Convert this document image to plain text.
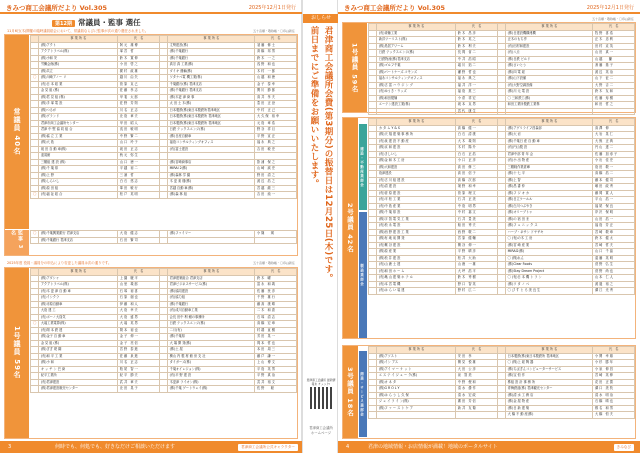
きみつ商工会議所だより Vol.305	2025年12月1日発行
第12期 常議員・監事 選任
11月6日(木)開催の臨時議員総会において、常議員ならびに監事が次の通り選任されました。	五十音順・敬称略・〇印は新任
常議員 40名
監事 3名
	事 業 所 名	氏　名		事 業 所 名	氏　名
	(株)アクト	阿 元　雄 博		丈勢建設(株)	須 藤　修 士
	アクアトラベル(株)	塚 宮　哲		(株)千葉銀行	髙 橋　邦 男
	(株)小和 安	鈴 木　寛 伸		(株)千葉銀行	鈴 木　一 之
	労働会館(株)	小 田　啓 之		真宗 真 工業(株)	浅 野　和 也
	(株)共立	梶 村　政 雄		ダイキ 運輸(株)	木 村　一 郎
〇	(株)川崎アノー リ	越 川　由 矢		ワタナベ電 機工業(株)	山 越　和 徳
	(有)日 本 総 業	菅 原　克 己		千葉銀行(株) 君津支店	金 子　泰 幸
	金 見 組 (株)	佐 藤　孝 志		(株)千葉銀行 君津支店	関 川　節 郎
	(株)君 見 組 (株)	甲 斐　太 郎		(株)木更 津 商 事	高 井　孝 夫
	(株)手 塚 電 設	佐 野　芳 則		太 田 土 木(株)	豊 田　正 登
	(株)つるが	川 名　正 志		日本製鉄(株)東日本製鉄所君津地区	中 村　正 己
	(株)グランド	北 島　章 夫		日本製鉄(株)東日本製鉄所 君津地区	大 久 保　裕 幸
	君津市商工会議所センター	甲 田　昭 人		日本製鉄(株)東日本製鉄所 君津地区	元 島　章 浩
	君津 中 堅 協 同 組 合	浅 田　敏 明		日鉄 テックスエンジ(株)	野 谷　祥 旦
	(株)協 立 工 業	中 野　賢 二		(株)日産自動車	平 野　宣 正
	(株)大 島	山 口　玲 子		福島コンサルティングオフィス	福 永　典 之
	坂 田 自 動 車(株)	坂 田　正 志		(有)富士建設	吉 田　敏 史
	迎賓館	秋 元　弥 生			
	三鶴組 建 設 (株)	山 口　徳 一		(株)宮崎商事店	影 浦　保 之
	(株)千 葉 県	平 越　裕 二		MIRAI 2(株)	山 崎　誠 史
	(株)上 野	三 浦　哲		(株)森林 学 園	野 田　清 之
	(株)しらいし	白 石　悠 志		木 更 楽 楼(株)	渡 辺　浩 之
	(株)原 田 組	峯 田　敏 行		宮越 自動 車(株)	宮 越　龍 三
〇	(有)福 祉 総 合	松 戸　英 明		(株)森 林 組	吉 田　純 一
〇	(株)千葉興業銀行 君津支店	大 島　健 志		(株)ファイリー	小 篠　　瑛
	(株)千葉銀行 君津支店	石 田　賢 司			
2025年度 役員・議員分の申込により変更した議員は次の通りです。	五十音順・敬称略・〇印は新任
1号議員 59名
	事 業 所 名	氏　名		事 業 所 名	氏　名
	(株)アダシャ	上 園　駿 平		君津建築組合 君津支店	鈴 木　曜
	アクアトラベル(株)	山 里　義 郎		君津ビジネスサービス(株)	富 永　和 義
	(有)木 更 津 自 動 車	石 塚　裕 喜		(株)協同建設	佐 藤　民 彦
	(有)イシクラ	石 原　創 也		(有)協力組	千 野　雄 行
	(株)市原自動車	伊 藤　和 人		(株)千葉銀行	藤 高　康 晴
	大島 建 工	大 島　幸 夫		(有)成川自動車工業	二 木　和 恵
	(有)ボーノ大窪気	大 島　盛 男		会長 田中 利 頼の事務所	石 塚　清 志
〇	大堀工業電算(株)	大 堀　英 男		日鉄 テックスエンジ(株)	高 橋　宏 章
	(有)岡 本 鉄 建	岡 本　裕 也		二月(有)	村 端　直 樹
	(株)金子 自 動 車	金 子　伸 一		(株)千葉県	芳 田　晃 一
	金 見 組 (株)	金 子　亮 信		大 場 開 発(株)	岡 本　哲 也
	(株)ぎぎ 堤 鋼	宮 野　泰 進		(株)土 屋	本 田　周 三
	(有)和 平 工 業	佐 藤　泉 進		横山 内 製 材 館 房 支 社	藤 戸　謙 一
	(株)小 和	川 名　正 志		タイガーズ(株)	上 山　博 文
	キ ッ チ ン 巴 商	粕 尾　智 一		千葉オイレジョン(株)	平 島　英 男
	紀平工業所	紀 平　節 夫		(有)平 野 建 設	平 野　真 治
	(有)君津建設	武 井　章 夫		木更津 ライオン(株)	武 井　裕 文
	(株)君津建設販売センター	北 田　晃 子		(株)千葉 ゲートウェイ(株)	佐 野　　聡
3	何時でも、何処でも、好きなだけご相談いただけます	君津商工会議所公式キャラクター
おしらせ
君津商工会議所会費(第3期分)の振替日は12月25日(木)です。
前日までにご準備をお願いいたします。
君津商工会議所 最新情報を チェック!
君津商工会議所 ホームページ
きみつ商工会議所だより Vol.305	2025年12月1日発行
五十音順・敬称略・〇印は新任
1号議員 59名
	事 業 所 名	氏　名		事 業 所 名	氏　名
	(有)斉藤工業	鈴 木　昌 彦		(株)日建設機構連機	牧 野　喜 浩
	新洋ツーリスト(株)	鈴 木　英 之		正木のもち亭	正 木　忠 利
	(株)鳥居アワーム	鈴 木　利 夫		(有)田村和建設	田 村　克 英
	日鉄 テックスエンジ(株)	長 岡　省 二		(有)八丘	山 田　真 一
	日鉄物流(株)君津支店	中 井　浩 昭		(株)日鉄 ビルド	山 越　　蘭
	(株)ゴルフ千葉	堀 川　拓 二		(株)さいとう	斎 藤　基 子
	(株)パートナーズ.コモンズ	瀬 野　哲 也		(株)四 電 総	渡 辺　英 治
	福永コンサルティングオフィス	福 永　典 之		(株)山下設備	山 下　征 二
	(株)古 富 ハ ウ ジ ン グ	福 井　洋 一		(有)大野空調設備	大 野　吉 二
	(有)ゆうき・ウッズ	福 島　恵 三		(株)川 元 電 設	鈴 木　友 和
	(株)和田製麺	小 倉　祥 宏		〇 三和鉄工(株)	佐 藤　寿 樹
	エーテン建設工業(株)	坂 本　克 男		和田工業所製鉄工業株	和 田　哲 之
		宮 代　康 生			
2号議員 42名
建設・不動産業部会
製造業部会
	事 業 所 名	氏　名		事 業 所 名	氏　名
	カ タ ム Y & S	高 橋　健 一		(株)アグリライフ昌森部	高 澤　伸
	(株)天 翔 建 築 事 務 所	白 石　清 康		(株)大 岩	大 岩　晃 仁
	(有)泉 建 設 不 動 産	大 木　義 則		(株)千葉日 産 自 動 車	大 熊　正 典
	(株)京 和 建 設	木 村　陽 介		(有)円山製 設	円 山　達 二
	(有)きしいし	白 石　正 浩		君津中部 青 年 会	佐 藤　加 寿 子
	(株)金 和 木 工 房	小 口　正 彦		(有)小 出 物 産	小 出　佳 史
	(株)大和建設	高 田　修 三		三鶴軽作業倉庫	島 田　敬 一
	島津建設	高 田　信 子		(株)十 七 平	高 橋　浩 二
	(有)古 川 組 建 設	高 橋　次 郎		(株)上 智	藤 本　健 司
	(有)清 建 設	境 野　和 幸		(株)昌 書 仲	嶋 田　政 秀
	(有)菅 原 建 設	菅 原　理 文		(株)フ ジ オ カ	藤 岡　寛 人
	(有)平 松 工 業	石 井　正 美		(株)日立ケールル	平 山　浩 一
	(有)中 島 産 業	中 島　明 男		(株)白川つぶやき	福 尾　保 良
	(株)千 葉 県 設	中 村　嘉 文		(株)オリーブトゥ	岸 沢　保 明
	(株)宇 智 電 気 工 業	石 井　豊 美		(株)の 宿 田 ま	山 田　浩 一
	(有)松 永 電 設	船 田　秀 夫		(株)フ ェ ニ ッ ク ス	福 島　芳 正
	(株)西 野 建 設 工 業	西 野　敬 二		ハーブ・ネサン ドヤザキ	宮 崎　敬 章
	(株)有 地 前 開 発	宮 原　健 輔		〇 (有)の木 工 房	鈴 木　健 太
	(有)鷲 谷 建 設	鷲 谷　伸 一		(株)宮 崎 産 業	宮 崎　哲 夫
	(株)原 産 業	平 野　晴 彦		MIRAI2(株)	山 口　千 晶
	(株)松 井 建 設	松 井　大 助		〇 (株)れん	遠 藤　英 明
	(有)山 鹿 土 建	山 鹿　一 雄		(株)Clear Foods	菅 野　弘 生
	(有)和 田 ホ ー ム	大 坪　浩 平		(株)Stay Dream Project	菅 野　尚 也
	(有)亀 山 建 築 ホ テ ル	鈴 木　秀 樹		〇 (有)日 本 機 ト ラ ン	山 本　仁 人
	(有)本 宮 電 機	野 口　智 英		(株)ワ タ ノ ベ	渡 邊　裕 之
	(有)は ら い 装 建	野 村　広 二		〇 び す と ろ 美 良 生	溝 江　光 秀
3号議員 18名	商業・サービス業部会
	事 業 所 名	氏　名		事 業 所 名	氏　名
	(株)アソスト	安 田　孝		日本製鉄(株)東日本製鉄所 君津地区	小 関　幸 雄
	(株)イン アス	鷲 見　悦 雄		〇 (株)上 総 陶 器	小 杉　勝 年
	(株)アイ マ ー ケ ッ ト	大 田　公 彦		(株)ちばぎんコンピューターサービス	小 泉　伸 昌
	エ ス テ イ ジ ュ ー ク(株)	泉　智 美		(株)宝 恒 作	宮 崎　英 伸
	(株)カ ネ タ	中 野　俊 和		株組 設 計 事 務 所	花 田　正 寛
	(株)G R O L Y	清 水　優 作		青梅鉄道(株) 君津観光センター	溝 口　美 枝
	(株)は ら う し 久 保	清 水　宏 政		(株)清 水 工 務 店	清 水　明 治
	ジ ェ イ ラ イ ン(株)	廣 田　芳 信		(株)金 屋 物 産	石 橋　晴 也
	(株)フ ァ ー ス ト ケ ア	新 井　友 衛		(株)日 新 建 築	椎 名　和 男
				大 橋 不 動 産(株)	大 橋　恒 夫
4	君津の地域情報・お店情報が満載！地域のポータルサイト	きみなび
